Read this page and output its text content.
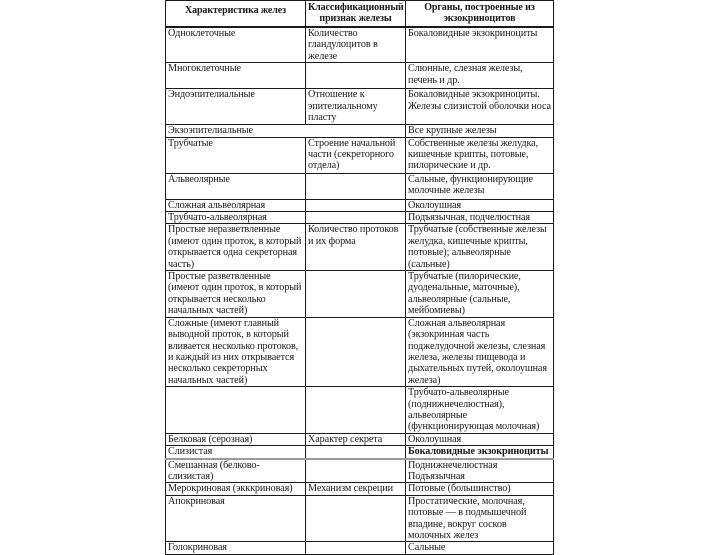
Характеристика желез	Классификационный признак железы	Органы, построенные из экзокриноцитов
Одноклеточные	Количество гландулоцитов в железе	Бокаловидные экзокриноциты
Многоклеточные		Слюнные, слезная железы, печень и др.
Эндоэпителиальные	Отношение к эпителиальному пласту	Бокаловидные экзокриноциты. Железы слизистой оболочки носа
Экзоэпителиальные		Все крупные железы
Трубчатые	Строение начальной части (секреторного отдела)	Собственные железы желудка, кишечные крипты, потовые, пилорические и др.
Альвеолярные		Сальные, функционирующие молочные железы
Сложная альвеолярная		Околоушная
Трубчато-альвеолярная		Подъязычная, подчелюстная
Простые неразветвленные (имеют один проток, в который открывается одна секреторная часть)	Количество протоков и их форма	Трубчатые (собственные железы желудка, кишечные крипты, потовые); альвеолярные (сальные)
Простые разветвленные (имеют один проток, в который открывается несколько начальных частей)		Трубчатые (пилорические, дуоденальные, маточные), альвеолярные (сальные, мейбомиевы)
Сложные (имеют главный выводной проток, в который вливается несколько протоков, и каждый из них открывается несколько секреторных начальных частей)		Сложная альвеолярная (экзокринная часть поджелудочной железы, слезная железа, железы пищевода и дыхательных путей, околоушная железа)
		Трубчато-альвеолярные (поднижнечелюстная), альвеолярные (функционирующая молочная)
Белковая (серозная)	Характер секрета	Околоушная
Слизистая		Бокаловидные экзокриноциты
Смешанная (белково-слизистая)		Поднижнечелюстная Подъязычная
Мерокриновая (экккриновая)	Механизм секреции	Потовые (большинство)
Апокриновая		Простатические, молочная, потовые — в подмышечной впадине, вокруг сосков молочных желез
Голокриновая		Сальные
